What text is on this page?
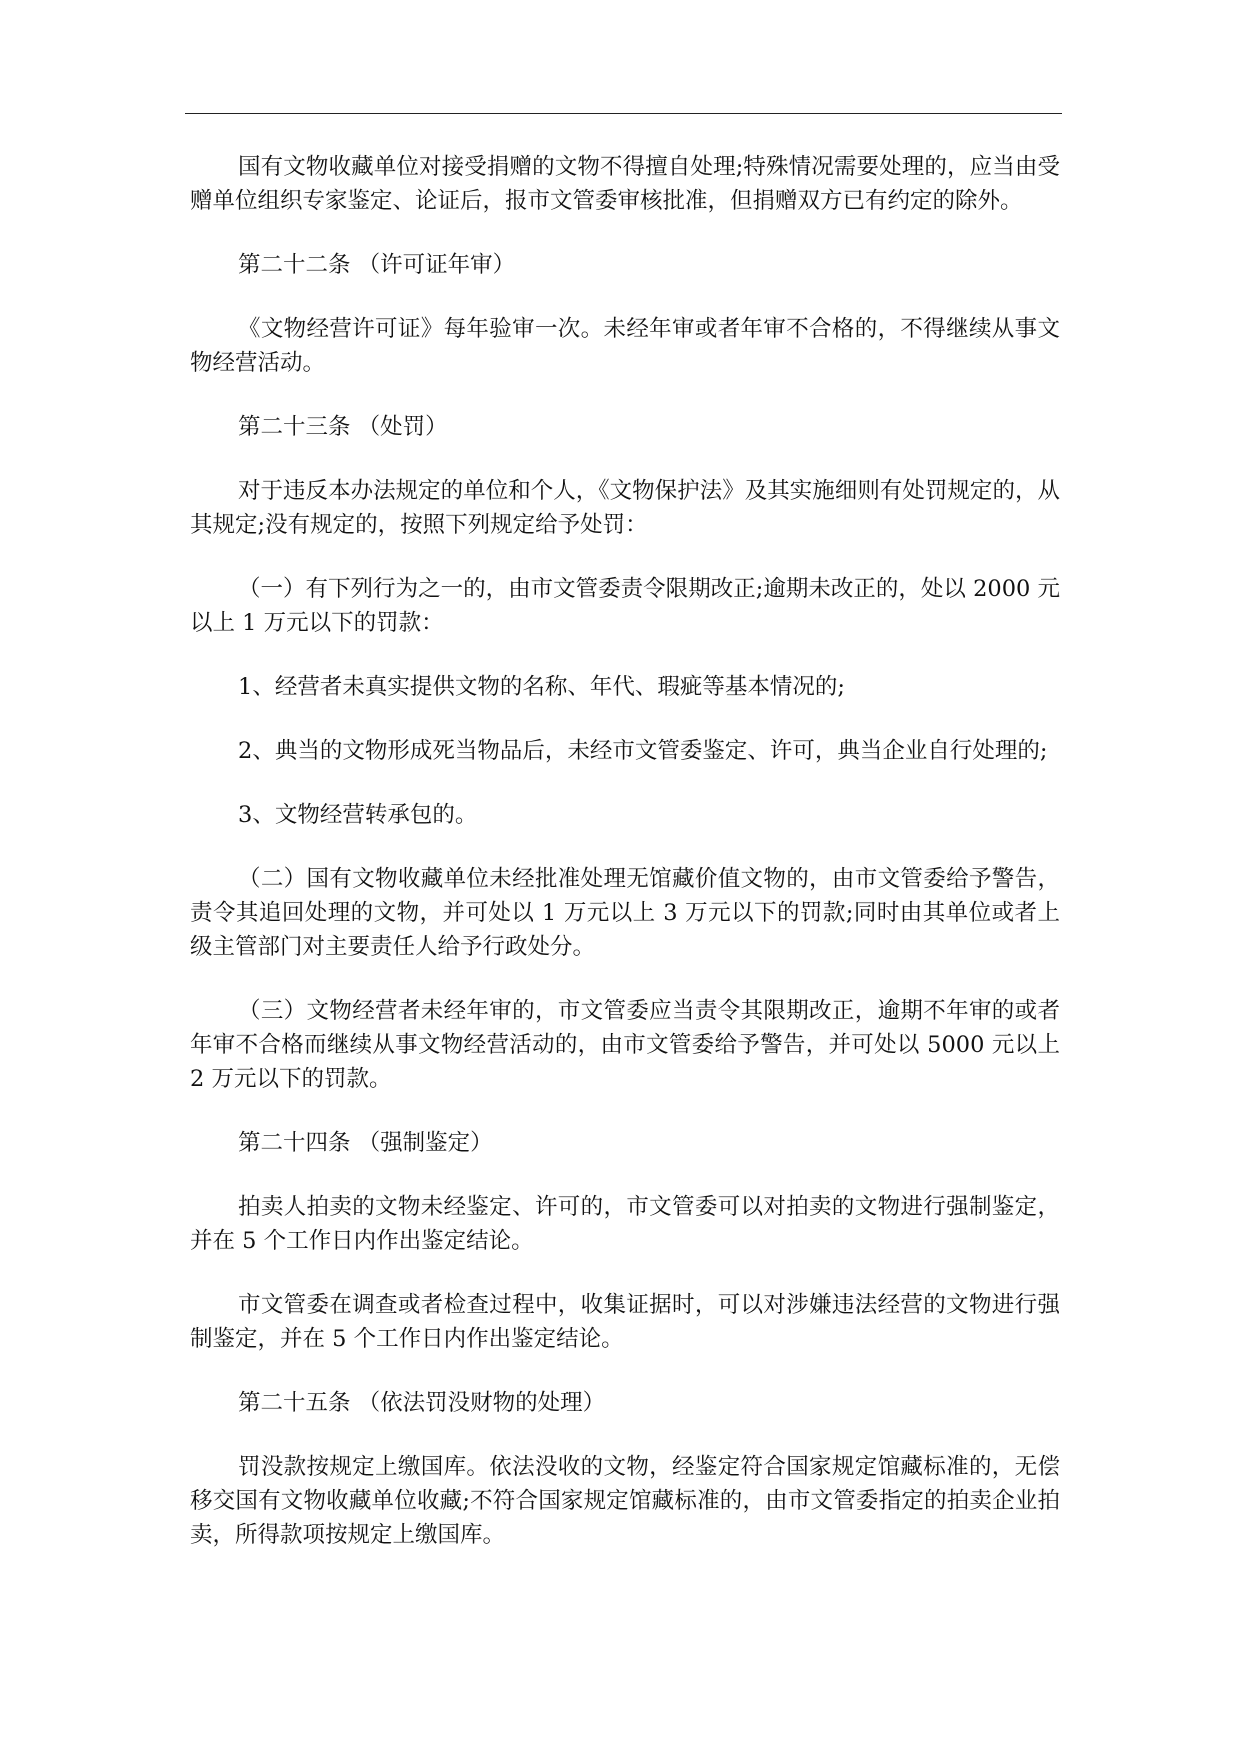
国有文物收藏单位对接受捐赠的文物不得擅自处理;特殊情况需要处理的，应当由受赠单位组织专家鉴定、论证后，报市文管委审核批准，但捐赠双方已有约定的除外。

第二十二条 （许可证年审）

《文物经营许可证》每年验审一次。未经年审或者年审不合格的，不得继续从事文物经营活动。

第二十三条 （处罚）

对于违反本办法规定的单位和个人，《文物保护法》及其实施细则有处罚规定的，从其规定;没有规定的，按照下列规定给予处罚：

（一）有下列行为之一的，由市文管委责令限期改正;逾期未改正的，处以 2000 元以上 1 万元以下的罚款：

1、经营者未真实提供文物的名称、年代、瑕疵等基本情况的;

2、典当的文物形成死当物品后，未经市文管委鉴定、许可，典当企业自行处理的;

3、文物经营转承包的。

（二）国有文物收藏单位未经批准处理无馆藏价值文物的，由市文管委给予警告，责令其追回处理的文物，并可处以 1 万元以上 3 万元以下的罚款;同时由其单位或者上级主管部门对主要责任人给予行政处分。

（三）文物经营者未经年审的，市文管委应当责令其限期改正，逾期不年审的或者年审不合格而继续从事文物经营活动的，由市文管委给予警告，并可处以 5000 元以上 2 万元以下的罚款。

第二十四条 （强制鉴定）

拍卖人拍卖的文物未经鉴定、许可的，市文管委可以对拍卖的文物进行强制鉴定，并在 5 个工作日内作出鉴定结论。

市文管委在调查或者检查过程中，收集证据时，可以对涉嫌违法经营的文物进行强制鉴定，并在 5 个工作日内作出鉴定结论。

第二十五条 （依法罚没财物的处理）

罚没款按规定上缴国库。依法没收的文物，经鉴定符合国家规定馆藏标准的，无偿移交国有文物收藏单位收藏;不符合国家规定馆藏标准的，由市文管委指定的拍卖企业拍卖，所得款项按规定上缴国库。
